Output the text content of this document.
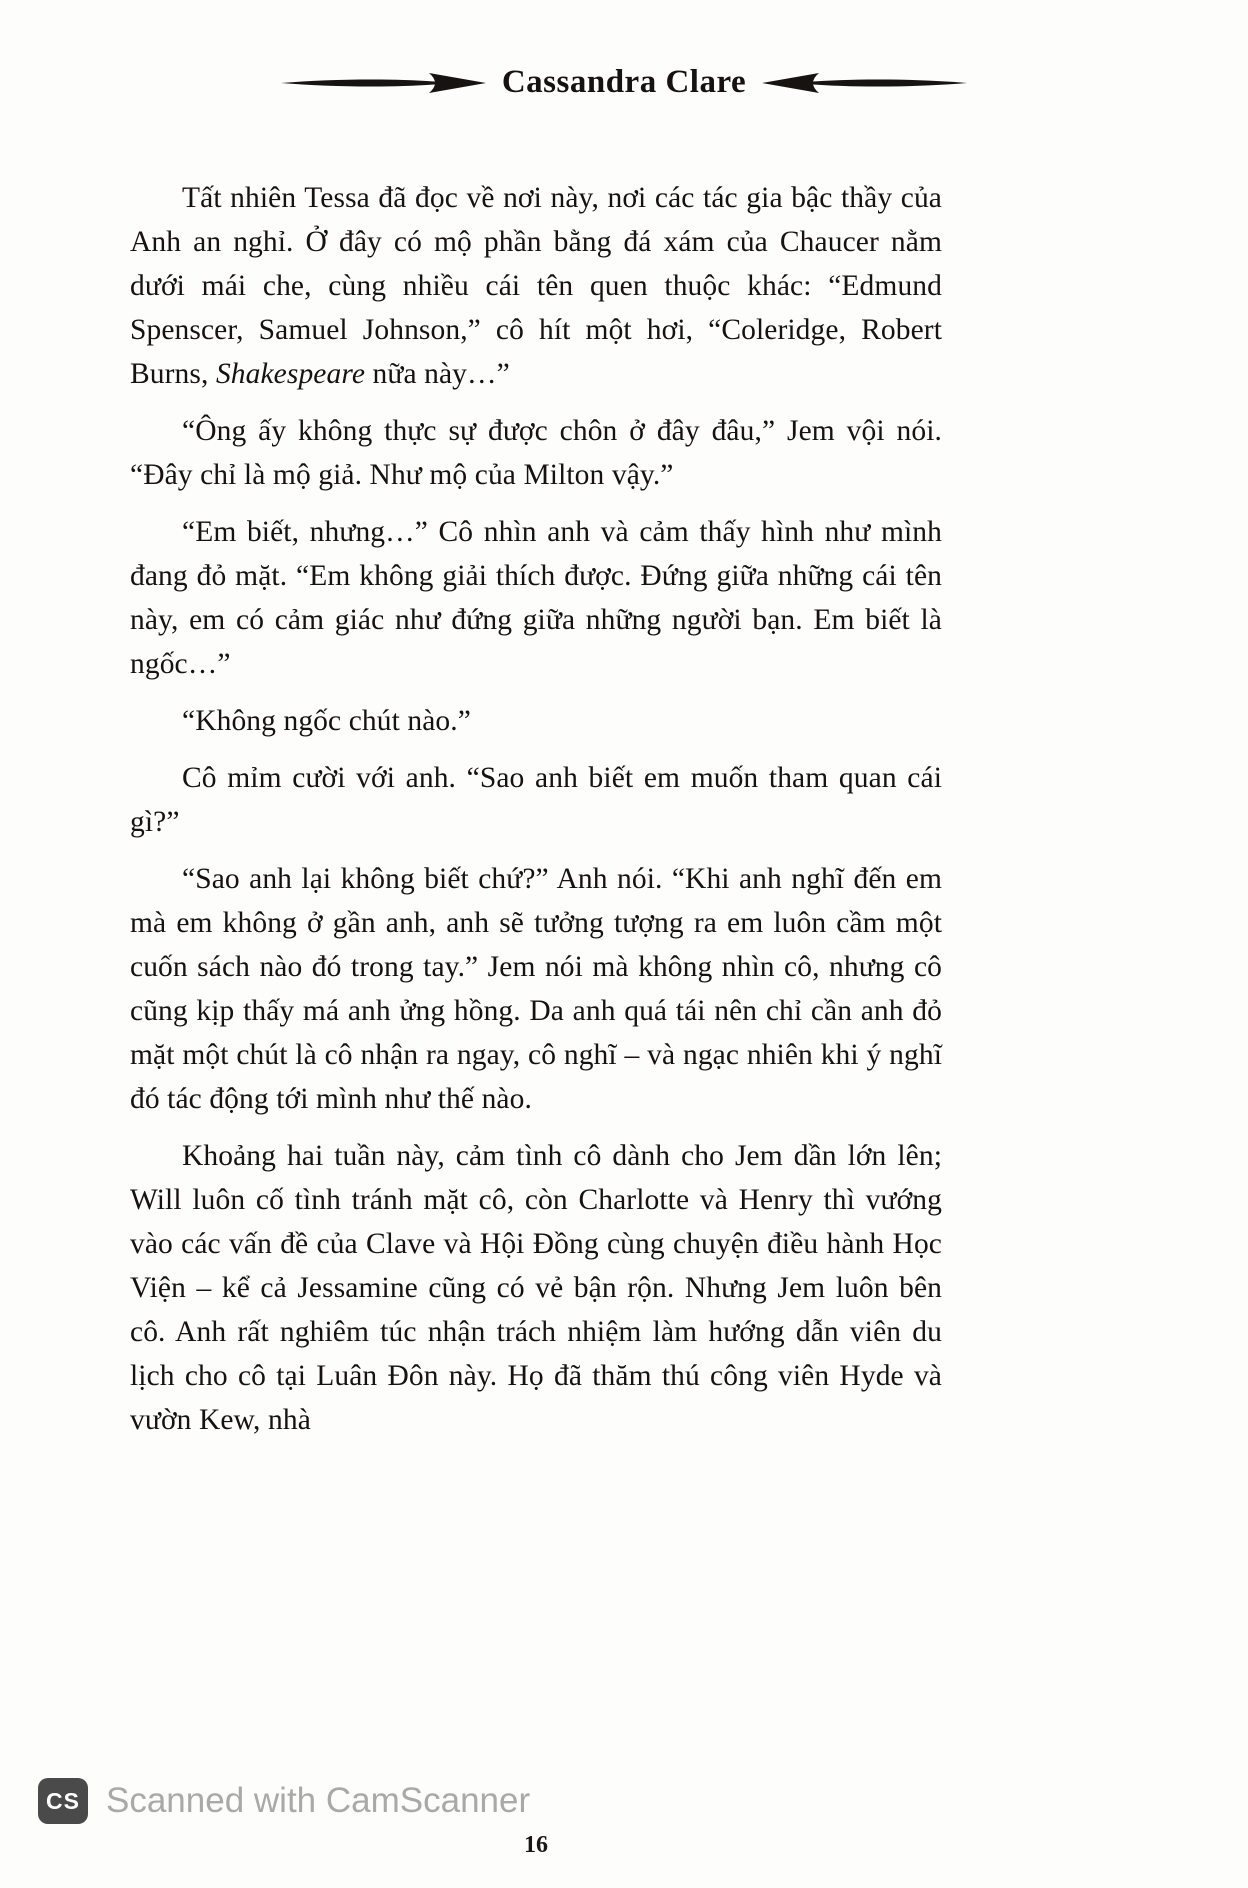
Cassandra Clare

Tất nhiên Tessa đã đọc về nơi này, nơi các tác gia bậc thầy của Anh an nghỉ. Ở đây có mộ phần bằng đá xám của Chaucer nằm dưới mái che, cùng nhiều cái tên quen thuộc khác: “Edmund Spenscer, Samuel Johnson,” cô hít một hơi, “Coleridge, Robert Burns, Shakespeare nữa này…”

“Ông ấy không thực sự được chôn ở đây đâu,” Jem vội nói. “Đây chỉ là mộ giả. Như mộ của Milton vậy.”

“Em biết, nhưng…” Cô nhìn anh và cảm thấy hình như mình đang đỏ mặt. “Em không giải thích được. Đứng giữa những cái tên này, em có cảm giác như đứng giữa những người bạn. Em biết là ngốc…”

“Không ngốc chút nào.”

Cô mỉm cười với anh. “Sao anh biết em muốn tham quan cái gì?”

“Sao anh lại không biết chứ?” Anh nói. “Khi anh nghĩ đến em mà em không ở gần anh, anh sẽ tưởng tượng ra em luôn cầm một cuốn sách nào đó trong tay.” Jem nói mà không nhìn cô, nhưng cô cũng kịp thấy má anh ửng hồng. Da anh quá tái nên chỉ cần anh đỏ mặt một chút là cô nhận ra ngay, cô nghĩ – và ngạc nhiên khi ý nghĩ đó tác động tới mình như thế nào.

Khoảng hai tuần này, cảm tình cô dành cho Jem dần lớn lên; Will luôn cố tình tránh mặt cô, còn Charlotte và Henry thì vướng vào các vấn đề của Clave và Hội Đồng cùng chuyện điều hành Học Viện – kể cả Jessamine cũng có vẻ bận rộn. Nhưng Jem luôn bên cô. Anh rất nghiêm túc nhận trách nhiệm làm hướng dẫn viên du lịch cho cô tại Luân Đôn này. Họ đã thăm thú công viên Hyde và vườn Kew, nhà

CS Scanned with CamScanner
16
